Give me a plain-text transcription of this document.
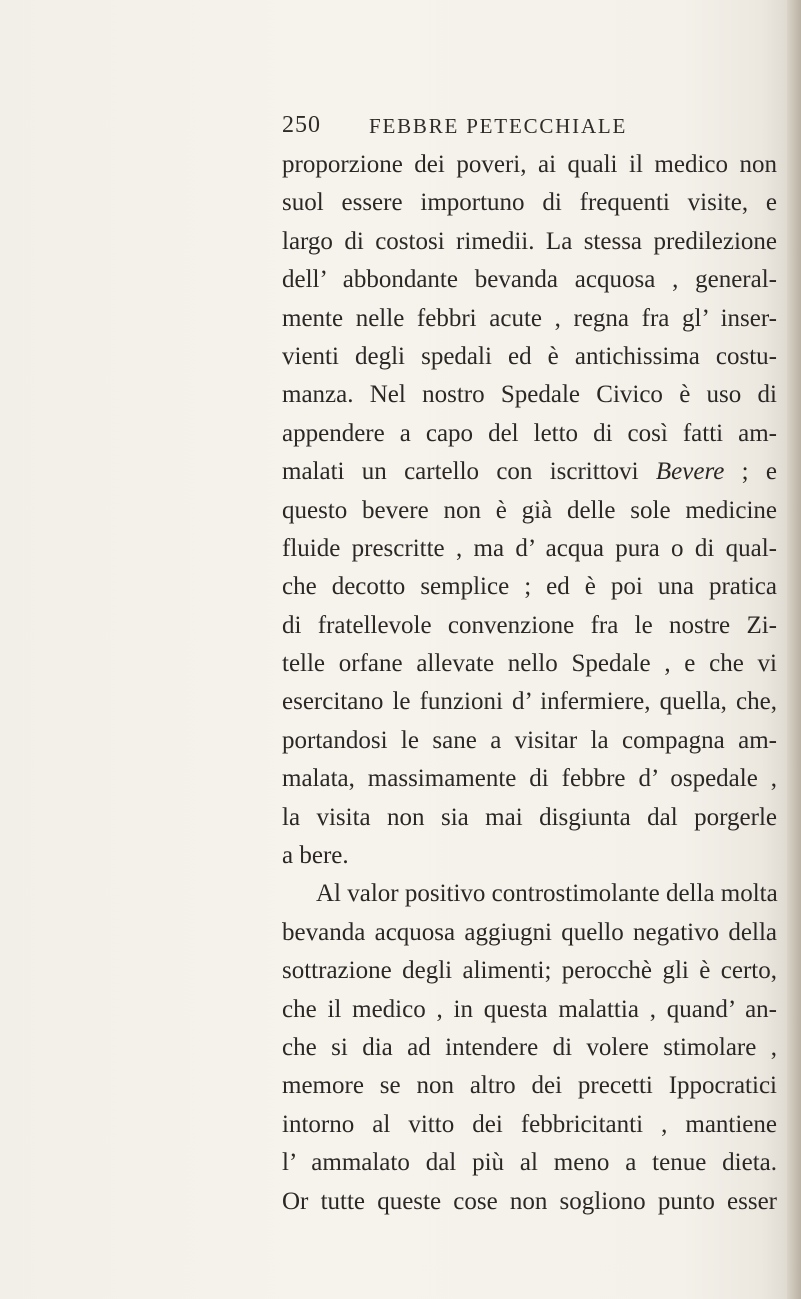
250 FEBBRE PETECCHIALE
proporzione dei poveri, ai quali il medico non
suol essere importuno di frequenti visite, e
largo di costosi rimedii. La stessa predilezione
dell’ abbondante bevanda acquosa , general-
mente nelle febbri acute , regna fra gl’ inser-
vienti degli spedali ed è antichissima costu-
manza. Nel nostro Spedale Civico è uso di
appendere a capo del letto di così fatti am-
malati un cartello con iscrittovi Bevere ; e
questo bevere non è già delle sole medicine
fluide prescritte , ma d’ acqua pura o di qual-
che decotto semplice ; ed è poi una pratica
di fratellevole convenzione fra le nostre Zi-
telle orfane allevate nello Spedale , e che vi
esercitano le funzioni d’ infermiere, quella, che,
portandosi le sane a visitar la compagna am-
malata, massimamente di febbre d’ ospedale ,
la visita non sia mai disgiunta dal porgerle
a bere.
Al valor positivo controstimolante della molta
bevanda acquosa aggiugni quello negativo della
sottrazione degli alimenti; perocchè gli è certo,
che il medico , in questa malattia , quand’ an-
che si dia ad intendere di volere stimolare ,
memore se non altro dei precetti Ippocratici
intorno al vitto dei febbricitanti , mantiene
l’ ammalato dal più al meno a tenue dieta.
Or tutte queste cose non sogliono punto esser
